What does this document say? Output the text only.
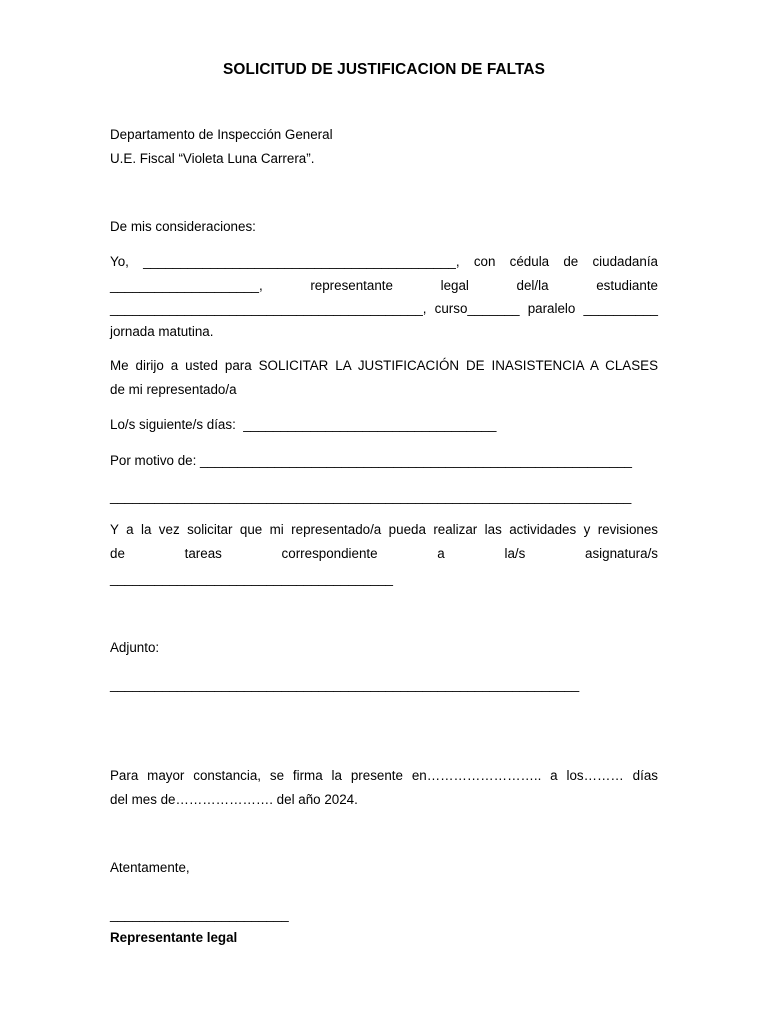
SOLICITUD DE JUSTIFICACION DE FALTAS
Departamento de Inspección General
U.E. Fiscal “Violeta Luna Carrera”.
De mis consideraciones:
Yo, __________________________________________, con cédula de ciudadanía
____________________, representante legal del/la estudiante
__________________________________________, curso_______ paralelo __________
jornada matutina.
Me dirijo a usted para SOLICITAR LA JUSTIFICACIÓN DE INASISTENCIA A CLASES
de mi representado/a
Lo/s siguiente/s días:  __________________________________
Por motivo de: __________________________________________________________
______________________________________________________________________
Y a la vez solicitar que mi representado/a pueda realizar las actividades y revisiones
de tareas correspondiente a la/s asignatura/s
______________________________________
Adjunto:
_______________________________________________________________
Para mayor constancia, se firma la presente en…………………….. a los……… días
del mes de…………………. del año 2024.
Atentamente,
________________________
Representante legal
